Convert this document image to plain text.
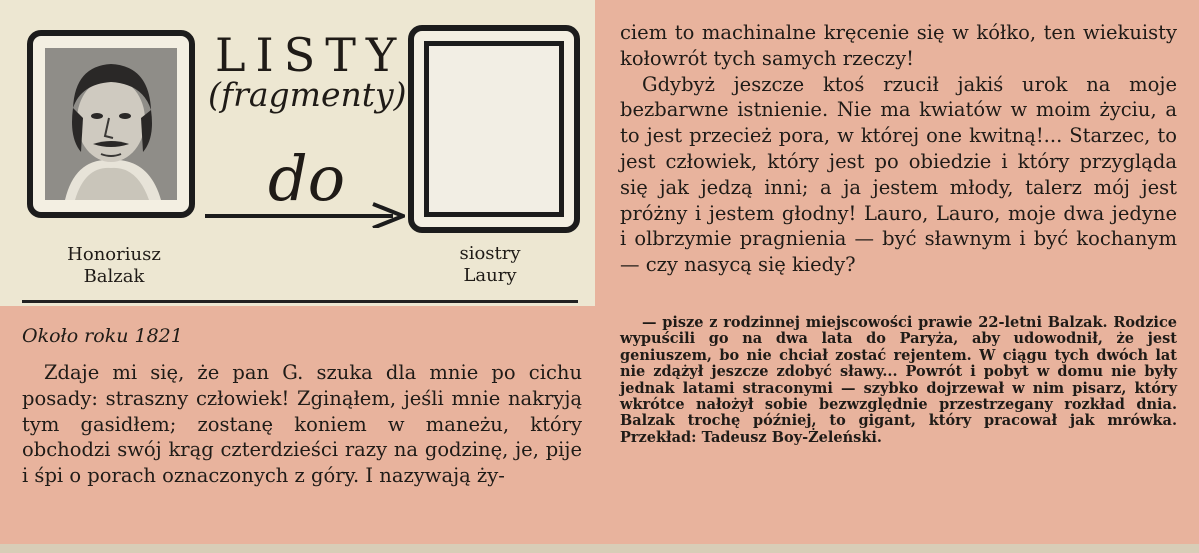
LISTY
(fragmenty)
do
Honoriusz
Balzak
siostry
Laury
Około roku 1821

Zdaje mi się, że pan G. szuka dla mnie po cichu posady: straszny człowiek! Zginąłem, jeśli mnie nakryją tym gasidłem; zostanę koniem w maneżu, który obchodzi swój krąg czterdzieści razy na godzinę, je, pije i śpi o porach oznaczonych z góry. I nazywają ży-

ciem to machinalne kręcenie się w kółko, ten wiekuisty kołowrót tych samych rzeczy!

Gdybyż jeszcze ktoś rzucił jakiś urok na moje bezbarwne istnienie. Nie ma kwiatów w moim życiu, a to jest przecież pora, w której one kwitną!... Starzec, to jest człowiek, który jest po obiedzie i który przygląda się jak jedzą inni; a ja jestem młody, talerz mój jest próżny i jestem głodny! Lauro, Lauro, moje dwa jedyne i olbrzymie pragnienia — być sławnym i być kochanym — czy nasycą się kiedy?

— pisze z rodzinnej miejscowości prawie 22-letni Balzak. Rodzice wypuścili go na dwa lata do Paryża, aby udowodnił, że jest geniuszem, bo nie chciał zostać rejentem. W ciągu tych dwóch lat nie zdążył jeszcze zdobyć sławy... Powrót i pobyt w domu nie były jednak latami straconymi — szybko dojrzewał w nim pisarz, który wkrótce nałożył sobie bezwzględnie przestrzegany rozkład dnia. Balzak trochę później, to gigant, który pracował jak mrówka. Przekład: Tadeusz Boy-Żeleński.
